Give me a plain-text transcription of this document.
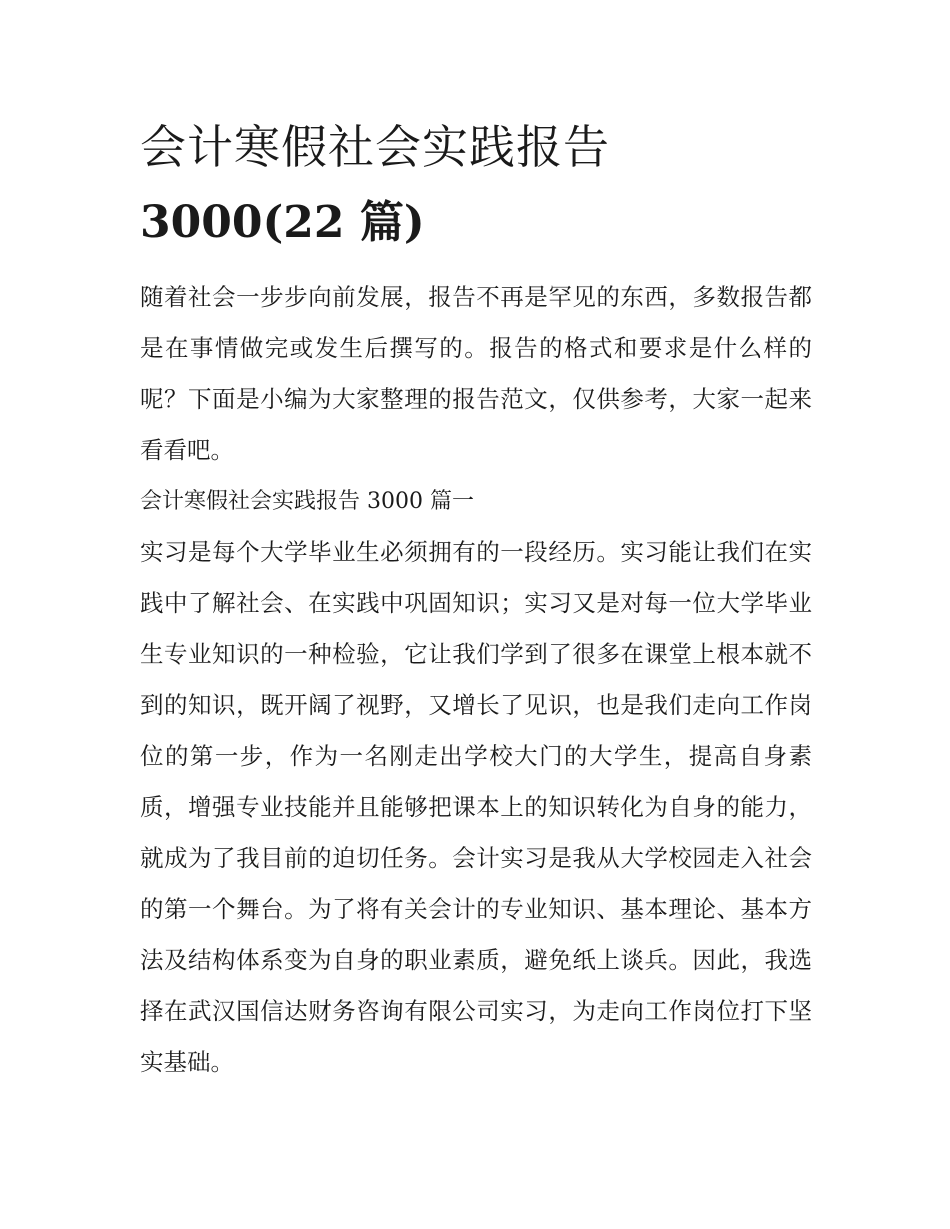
会计寒假社会实践报告
3000(22 篇)

随着社会一步步向前发展，报告不再是罕见的东西，多数报告都是在事情做完或发生后撰写的。报告的格式和要求是什么样的呢？下面是小编为大家整理的报告范文，仅供参考，大家一起来看看吧。

会计寒假社会实践报告 3000 篇一

实习是每个大学毕业生必须拥有的一段经历。实习能让我们在实践中了解社会、在实践中巩固知识；实习又是对每一位大学毕业生专业知识的一种检验，它让我们学到了很多在课堂上根本就不到的知识，既开阔了视野，又增长了见识，也是我们走向工作岗位的第一步，作为一名刚走出学校大门的大学生，提高自身素质，增强专业技能并且能够把课本上的知识转化为自身的能力，就成为了我目前的迫切任务。会计实习是我从大学校园走入社会的第一个舞台。为了将有关会计的专业知识、基本理论、基本方法及结构体系变为自身的职业素质，避免纸上谈兵。因此，我选择在武汉国信达财务咨询有限公司实习，为走向工作岗位打下坚实基础。
